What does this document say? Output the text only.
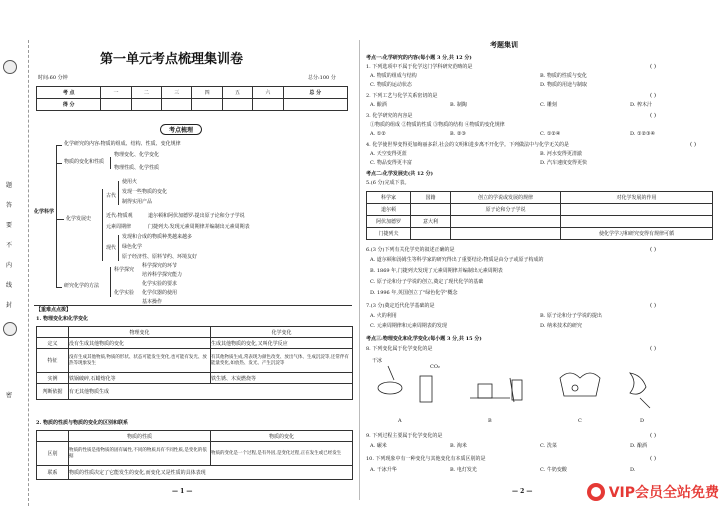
题
答
要
不
内
线
封
密
第一单元考点梳理集训卷
时间:60 分钟	总分:100 分
考 点	一	二	三	四	五	六	总 分
得 分							
考点梳理
化学科学
化学研究的内容:物质的组成、结构、性质、变化规律
物质的变化和性质
物理变化、化学变化
物理性质、化学性质
化学发展史
古代
使用火
发现一些物质的变化
制得实用产品
近代:物质观	道尔顿和阿伏加德罗:提出原子论和分子学说
元素周期律	门捷列夫:发现元素周期律并编制出元素周期表
现代
发现和合成的物质种类越来越多
绿色化学
原子经济性、原料节约、环境友好
研究化学的方法
科学探究
科学探究的环节
培养科学探究能力
化学实验
化学实验的要求
化学仪器的使用
基本操作
【重难点点拨】
1. 物理变化和化学变化
	物理变化	化学变化
定义	没有生成其他物质的变化	生成其他物质的变化,又叫化学反应
特征	没有生成其他物质,物质的形状、状态可能发生变化,也可能有发光、放热等现象发生	有其他物质生成,常表现为颜色改变、放出气体、生成沉淀等,还常伴有能量变化,如放热、发光、产生沉淀等
实例	铁锅破碎,石蜡熔化等	铁生锈、木炭燃烧等
判断依据	有无其他物质生成	
2. 物质的性质与物质的变化的区别和联系
	物质的性质	物质的变化
区别	物质的性质是指物质的固有属性,不同的物质具有不同性质,是变化的依据	物质的变化是一个过程,是有外因,是变化过程,正在发生或已经发生
联系	物质的性质决定了它能发生的变化,而变化又是性质的具体表现	
— 1 —
考题集训
考点一:化学研究的内容(每小题 3 分,共 12 分)
1. 下列选项中不属于化学这门学科研究范畴的是	( )
A. 物质的组成与结构	B. 物质的性质与变化
C. 物质的运动状态	D. 物质的用途与制取
2. 下列工艺与化学关系密切的是	( )
A. 酿酒	B. 制陶	C. 雕刻	D. 榨木汁
3. 化学研究的内容是	( )
①物质的组成 ②物质的性质 ③物质的结构 ④物质的变化规律
A. ①②	B. ②③	C. ①②④	D. ①②③④
4. 化学使世界变得更加绚丽多彩,社会的文明和进步离不开化学。下列做法中与化学无关的是	( )
A. 天空变得更蓝	B. 河水变得更清澈
C. 物品变得更丰富	D. 汽车速度变得更快
考点二:化学发展史(共 12 分)
5.(6 分)完成下表。
科学家	国籍	创立的学说或发展的规律	对化学发展的作用
道尔顿		原子论和分子学说	
阿伏加德罗	意大利		
门捷列夫			使化学学习和研究变得有规律可循
6.(3 分)下列有关化学史的叙述正确的是	( )
A. 道尔顿和汤姆生等科学家的研究得出了重要结论:物质是由分子或原子构成的
B. 1869 年,门捷列夫发现了元素周期律并编制出元素周期表
C. 原子论和分子学说的创立,奠定了现代化学的基础
D. 1996 年,英国创立了"绿色化学"概念
7.(3 分)奠定近代化学基础的是	( )
A. 火的利用	B. 原子论和分子学说的提出
C. 元素周期律和元素周期表的发现	D. 纳米技术的研究
考点三:物理变化和化学变化(每小题 3 分,共 15 分)
8. 下列变化属于化学变化的是	( )
干冰
CO₂
A	B	C	D
9. 下列过程主要属于化学变化的是	( )
A. 碾米	B. 淘米	C. 洗菜	D. 酿酒
10. 下列现象中有一种变化与其他变化有本质区别的是	( )
A. 干冰升华	B. 电灯发光	C. 牛奶变酸	D.
— 2 —	VIP会员全站免费
